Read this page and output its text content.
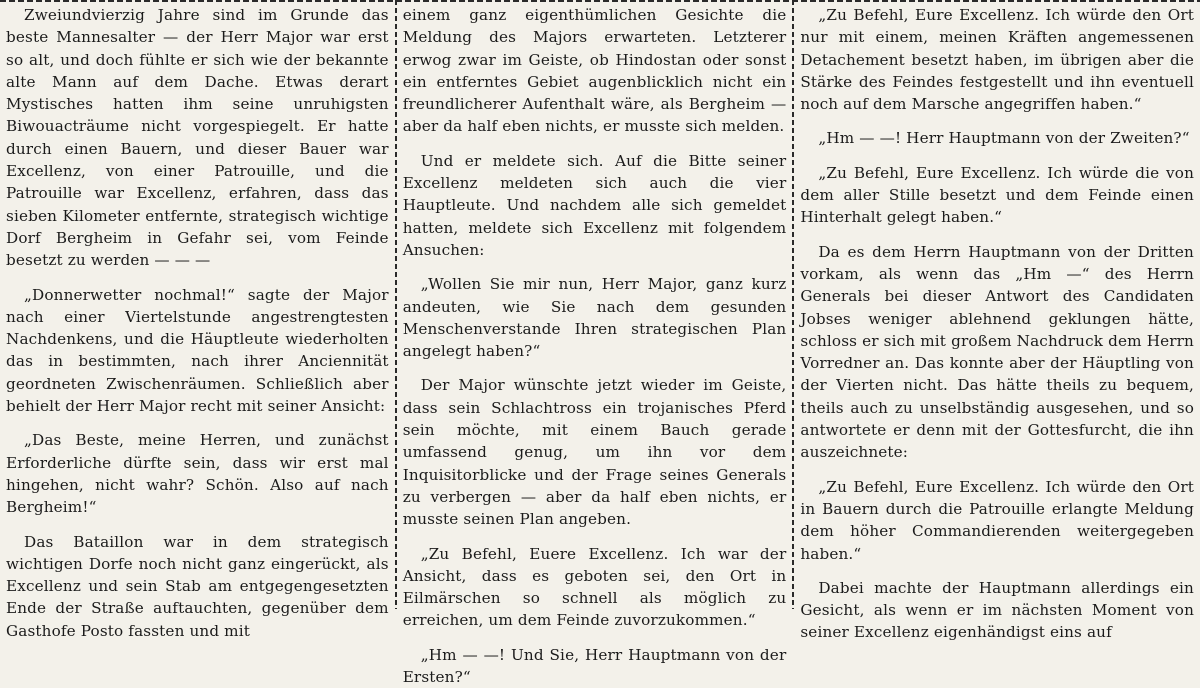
Zweiundvierzig Jahre sind im Grunde das beste Mannesalter — der Herr Major war erst so alt, und doch fühlte er sich wie der bekannte alte Mann auf dem Dache. Etwas derart Mystisches hatten ihm seine unruhigsten Biwouacträume nicht vorgespiegelt. Er hatte durch einen Bauern, und dieser Bauer war Excellenz, von einer Patrouille, und die Patrouille war Excellenz, erfahren, dass das sieben Kilometer entfernte, strategisch wichtige Dorf Bergheim in Gefahr sei, vom Feinde besetzt zu werden — — —

„Donnerwetter nochmal!“ sagte der Major nach einer Viertelstunde angestrengtesten Nachdenkens, und die Häuptleute wiederholten das in bestimmten, nach ihrer Anciennität geordneten Zwischenräumen. Schließlich aber behielt der Herr Major recht mit seiner Ansicht:

„Das Beste, meine Herren, und zunächst Erforderliche dürfte sein, dass wir erst mal hingehen, nicht wahr? Schön. Also auf nach Bergheim!“

Das Bataillon war in dem strategisch wichtigen Dorfe noch nicht ganz eingerückt, als Excellenz und sein Stab am entgegengesetzten Ende der Straße auftauchten, gegenüber dem Gasthofe Posto fassten und mit

einem ganz eigenthümlichen Gesichte die Meldung des Majors erwarteten. Letzterer erwog zwar im Geiste, ob Hindostan oder sonst ein entferntes Gebiet augenblicklich nicht ein freundlicherer Aufenthalt wäre, als Bergheim — aber da half eben nichts, er musste sich melden.

Und er meldete sich. Auf die Bitte seiner Excellenz meldeten sich auch die vier Hauptleute. Und nachdem alle sich gemeldet hatten, meldete sich Excellenz mit folgendem Ansuchen:

„Wollen Sie mir nun, Herr Major, ganz kurz andeuten, wie Sie nach dem gesunden Menschenverstande Ihren strategischen Plan angelegt haben?“

Der Major wünschte jetzt wieder im Geiste, dass sein Schlachtross ein trojanisches Pferd sein möchte, mit einem Bauch gerade umfassend genug, um ihn vor dem Inquisitorblicke und der Frage seines Generals zu verbergen — aber da half eben nichts, er musste seinen Plan angeben.

„Zu Befehl, Euere Excellenz. Ich war der Ansicht, dass es geboten sei, den Ort in Eilmärschen so schnell als möglich zu erreichen, um dem Feinde zuvorzukommen.“

„Hm — —! Und Sie, Herr Hauptmann von der Ersten?“

„Zu Befehl, Eure Excellenz. Ich würde den Ort nur mit einem, meinen Kräften angemessenen Detachement besetzt haben, im übrigen aber die Stärke des Feindes festgestellt und ihn eventuell noch auf dem Marsche angegriffen haben.“

„Hm — —! Herr Hauptmann von der Zweiten?“

„Zu Befehl, Eure Excellenz. Ich würde die von dem aller Stille besetzt und dem Feinde einen Hinterhalt gelegt haben.“

Da es dem Herrn Hauptmann von der Dritten vorkam, als wenn das „Hm —“ des Herrn Generals bei dieser Antwort des Candidaten Jobses weniger ablehnend geklungen hätte, schloss er sich mit großem Nachdruck dem Herrn Vorredner an. Das konnte aber der Häuptling von der Vierten nicht. Das hätte theils zu bequem, theils auch zu unselbständig ausgesehen, und so antwortete er denn mit der Gottesfurcht, die ihn auszeichnete:

„Zu Befehl, Eure Excellenz. Ich würde den Ort in Bauern durch die Patrouille erlangte Meldung dem höher Commandierenden weitergegeben haben.“

Dabei machte der Hauptmann allerdings ein Gesicht, als wenn er im nächsten Moment von seiner Excellenz eigenhändigst eins auf
